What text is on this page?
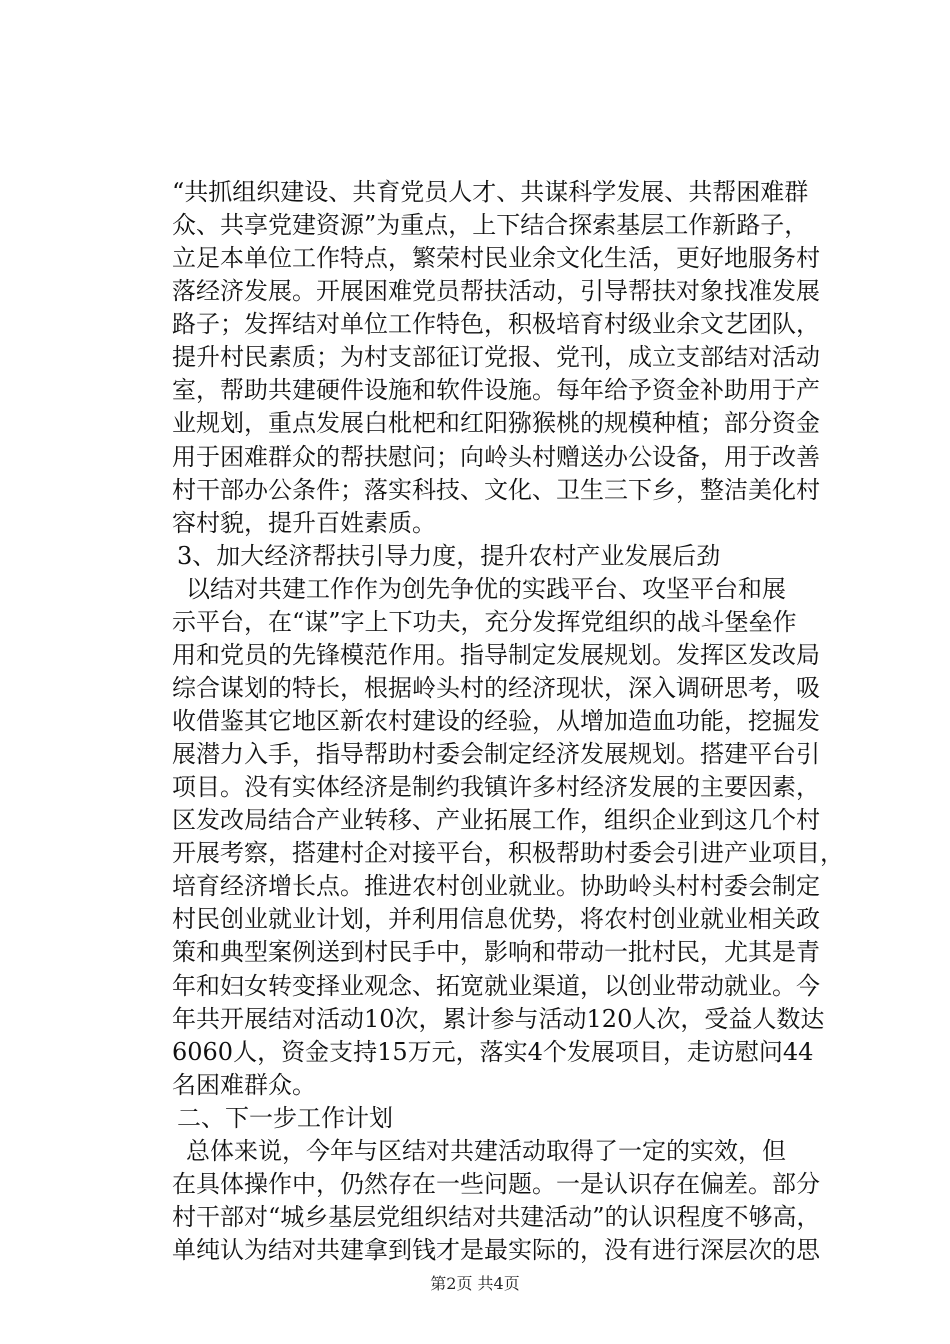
“共抓组织建设、共育党员人才、共谋科学发展、共帮困难群

众、共享党建资源”为重点，上下结合探索基层工作新路子，

立足本单位工作特点，繁荣村民业余文化生活，更好地服务村

落经济发展。开展困难党员帮扶活动，引导帮扶对象找准发展

路子；发挥结对单位工作特色，积极培育村级业余文艺团队，

提升村民素质；为村支部征订党报、党刊，成立支部结对活动

室，帮助共建硬件设施和软件设施。每年给予资金补助用于产

业规划，重点发展白枇杷和红阳猕猴桃的规模种植；部分资金

用于困难群众的帮扶慰问；向岭头村赠送办公设备，用于改善

村干部办公条件；落实科技、文化、卫生三下乡，整洁美化村

容村貌，提升百姓素质。

3、加大经济帮扶引导力度，提升农村产业发展后劲

以结对共建工作作为创先争优的实践平台、攻坚平台和展

示平台，在“谋”字上下功夫，充分发挥党组织的战斗堡垒作

用和党员的先锋模范作用。指导制定发展规划。发挥区发改局

综合谋划的特长，根据岭头村的经济现状，深入调研思考，吸

收借鉴其它地区新农村建设的经验，从增加造血功能，挖掘发

展潜力入手，指导帮助村委会制定经济发展规划。搭建平台引

项目。没有实体经济是制约我镇许多村经济发展的主要因素，

区发改局结合产业转移、产业拓展工作，组织企业到这几个村

开展考察，搭建村企对接平台，积极帮助村委会引进产业项目，

培育经济增长点。推进农村创业就业。协助岭头村村委会制定

村民创业就业计划，并利用信息优势，将农村创业就业相关政

策和典型案例送到村民手中，影响和带动一批村民，尤其是青

年和妇女转变择业观念、拓宽就业渠道，以创业带动就业。今

年共开展结对活动10次，累计参与活动120人次，受益人数达

6060人，资金支持15万元，落实4个发展项目，走访慰问44

名困难群众。

二、下一步工作计划

总体来说，今年与区结对共建活动取得了一定的实效，但

在具体操作中，仍然存在一些问题。一是认识存在偏差。部分

村干部对“城乡基层党组织结对共建活动”的认识程度不够高，

单纯认为结对共建拿到钱才是最实际的，没有进行深层次的思

第2页 共4页
